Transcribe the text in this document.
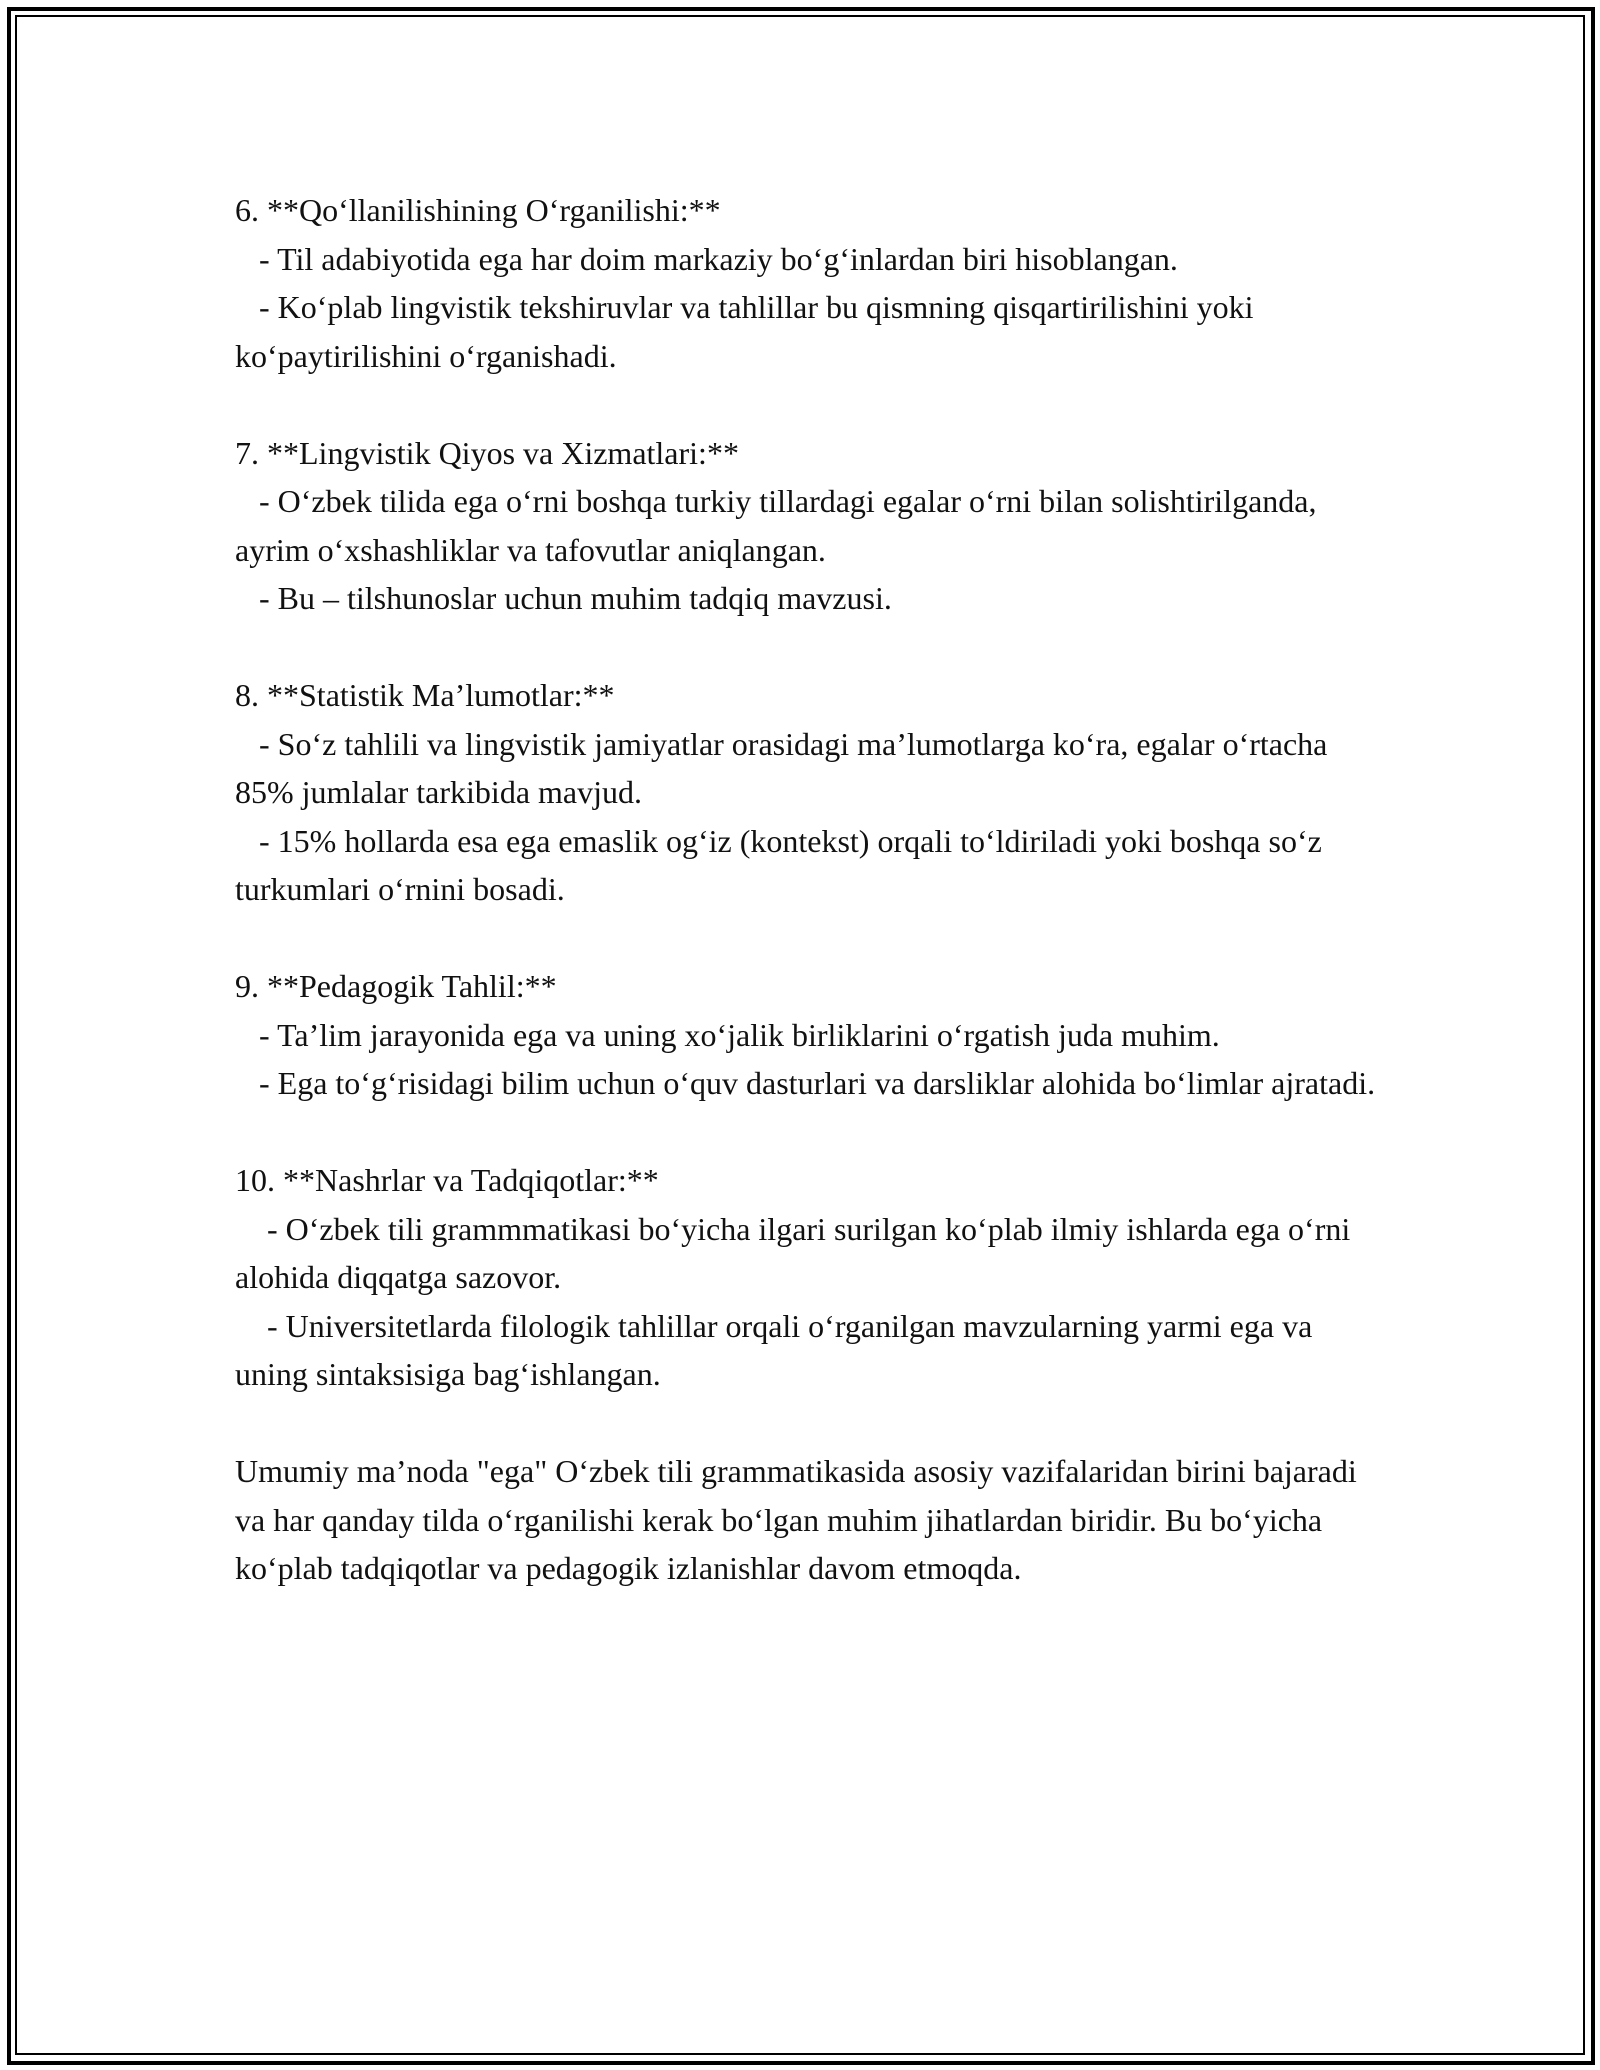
6. **Qo‘llanilishining O‘rganilishi:**
- Til adabiyotida ega har doim markaziy bo‘g‘inlardan biri hisoblangan.
- Ko‘plab lingvistik tekshiruvlar va tahlillar bu qismning qisqartirilishini yoki ko‘paytirilishini o‘rganishadi.
7. **Lingvistik Qiyos va Xizmatlari:**
- O‘zbek tilida ega o‘rni boshqa turkiy tillardagi egalar o‘rni bilan solishtirilganda, ayrim o‘xshashliklar va tafovutlar aniqlangan.
- Bu – tilshunoslar uchun muhim tadqiq mavzusi.
8. **Statistik Ma’lumotlar:**
- So‘z tahlili va lingvistik jamiyatlar orasidagi ma’lumotlarga ko‘ra, egalar o‘rtacha 85% jumlalar tarkibida mavjud.
- 15% hollarda esa ega emaslik og‘iz (kontekst) orqali to‘ldiriladi yoki boshqa so‘z turkumlari o‘rnini bosadi.
9. **Pedagogik Tahlil:**
- Ta’lim jarayonida ega va uning xo‘jalik birliklarini o‘rgatish juda muhim.
- Ega to‘g‘risidagi bilim uchun o‘quv dasturlari va darsliklar alohida bo‘limlar ajratadi.
10. **Nashrlar va Tadqiqotlar:**
- O‘zbek tili grammmatikasi bo‘yicha ilgari surilgan ko‘plab ilmiy ishlarda ega o‘rni alohida diqqatga sazovor.
- Universitetlarda filologik tahlillar orqali o‘rganilgan mavzularning yarmi ega va uning sintaksisiga bag‘ishlangan.
Umumiy ma’noda "ega" O‘zbek tili grammatikasida asosiy vazifalaridan birini bajaradi va har qanday tilda o‘rganilishi kerak bo‘lgan muhim jihatlardan biridir. Bu bo‘yicha ko‘plab tadqiqotlar va pedagogik izlanishlar davom etmoqda.
